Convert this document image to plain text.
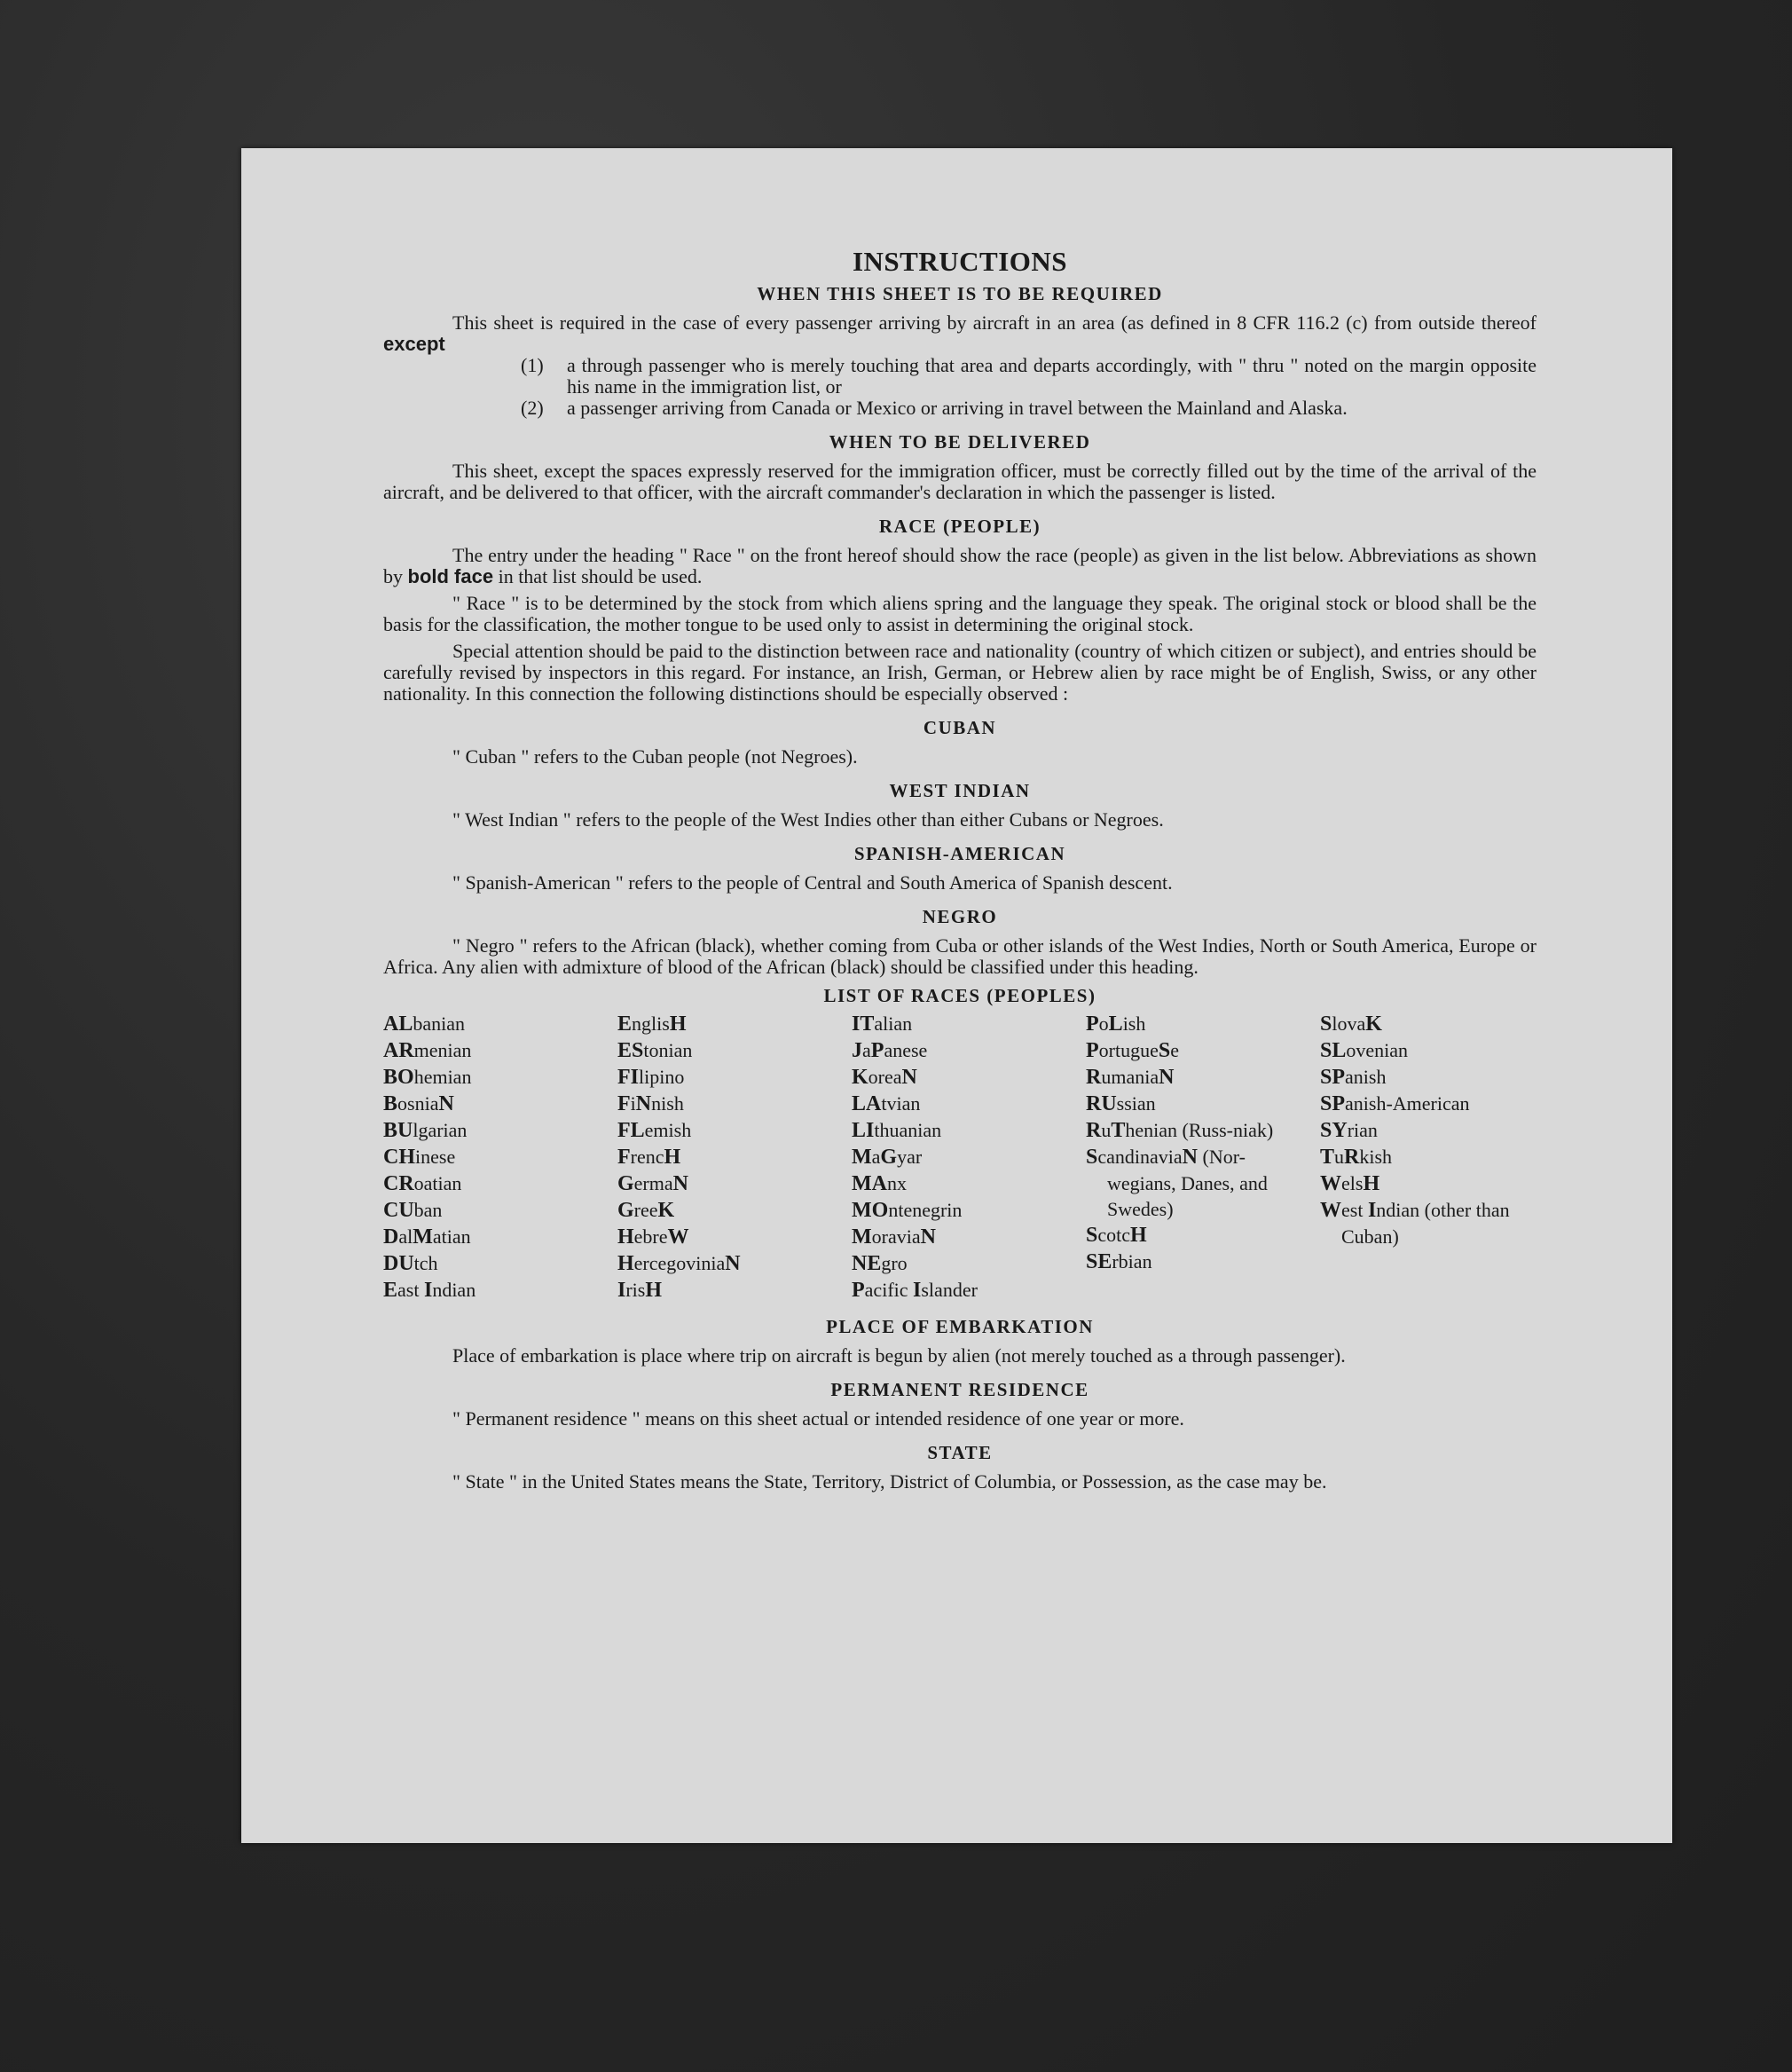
INSTRUCTIONS
WHEN THIS SHEET IS TO BE REQUIRED

This sheet is required in the case of every passenger arriving by aircraft in an area (as defined in 8 CFR 116.2 (c) from outside thereof except

(1)	a through passenger who is merely touching that area and departs accordingly, with " thru " noted on the margin opposite his name in the immigration list, or
(2)	a passenger arriving from Canada or Mexico or arriving in travel between the Mainland and Alaska.
WHEN TO BE DELIVERED

This sheet, except the spaces expressly reserved for the immigration officer, must be correctly filled out by the time of the arrival of the aircraft, and be delivered to that officer, with the aircraft commander's declaration in which the passenger is listed.

RACE (PEOPLE)

The entry under the heading " Race " on the front hereof should show the race (people) as given in the list below. Abbreviations as shown by bold face in that list should be used.

" Race " is to be determined by the stock from which aliens spring and the language they speak. The original stock or blood shall be the basis for the classification, the mother tongue to be used only to assist in determining the original stock.

Special attention should be paid to the distinction between race and nationality (country of which citizen or subject), and entries should be carefully revised by inspectors in this regard. For instance, an Irish, German, or Hebrew alien by race might be of English, Swiss, or any other nationality. In this connection the following distinctions should be especially observed :

CUBAN

" Cuban " refers to the Cuban people (not Negroes).

WEST INDIAN

" West Indian " refers to the people of the West Indies other than either Cubans or Negroes.

SPANISH-AMERICAN

" Spanish-American " refers to the people of Central and South America of Spanish descent.

NEGRO

" Negro " refers to the African (black), whether coming from Cuba or other islands of the West Indies, North or South America, Europe or Africa. Any alien with admixture of blood of the African (black) should be classified under this heading.

LIST OF RACES (PEOPLES)
ALbanian
ARmenian
BOhemian
BosniaN
BUlgarian
CHinese
CRoatian
CUban
DalMatian
DUtch
East Indian
EnglisH
EStonian
FIlipino
FiNnish
FLemish
FrencH
GermaN
GreeK
HebreW
HercegoviniaN
IrisH
ITalian
JaPanese
KoreaN
LAtvian
LIthuanian
MaGyar
MAnx
MOntenegrin
MoraviaN
NEgro
Pacific Islander
PoLish
PortugueSe
RumaniaN
RUssian
RuThenian (Russ-niak)
ScandinaviaN (Nor-wegians, Danes, and Swedes)
ScotcH
SErbian
SlovaK
SLovenian
SPanish
SPanish-American
SYrian
TuRkish
WelsH
West Indian (other than Cuban)
PLACE OF EMBARKATION

Place of embarkation is place where trip on aircraft is begun by alien (not merely touched as a through passenger).

PERMANENT RESIDENCE

" Permanent residence " means on this sheet actual or intended residence of one year or more.

STATE

" State " in the United States means the State, Territory, District of Columbia, or Possession, as the case may be.
